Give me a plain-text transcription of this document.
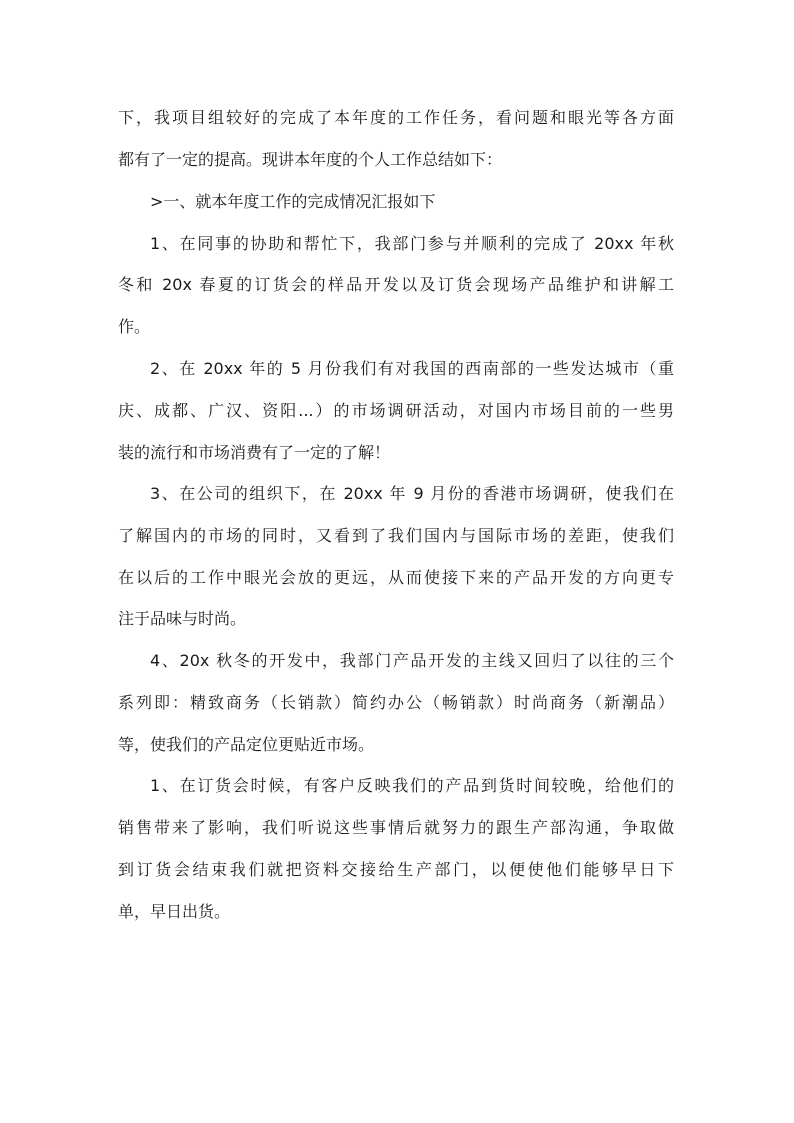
下，我项目组较好的完成了本年度的工作任务，看问题和眼光等各方面
都有了一定的提高。现讲本年度的个人工作总结如下：
>一、就本年度工作的完成情况汇报如下
1、在同事的协助和帮忙下，我部门参与并顺利的完成了 20xx 年秋
冬和 20x 春夏的订货会的样品开发以及订货会现场产品维护和讲解工
作。
2、在 20xx 年的 5 月份我们有对我国的西南部的一些发达城市（重
庆、成都、广汉、资阳...）的市场调研活动，对国内市场目前的一些男
装的流行和市场消费有了一定的了解！
3、在公司的组织下，在 20xx 年 9 月份的香港市场调研，使我们在
了解国内的市场的同时，又看到了我们国内与国际市场的差距，使我们
在以后的工作中眼光会放的更远，从而使接下来的产品开发的方向更专
注于品味与时尚。
4、20x 秋冬的开发中，我部门产品开发的主线又回归了以往的三个
系列即：精致商务（长销款）简约办公（畅销款）时尚商务（新潮品）
等，使我们的产品定位更贴近市场。
1、在订货会时候，有客户反映我们的产品到货时间较晚，给他们的
销售带来了影响，我们听说这些事情后就努力的跟生产部沟通，争取做
到订货会结束我们就把资料交接给生产部门，以便使他们能够早日下
单，早日出货。
